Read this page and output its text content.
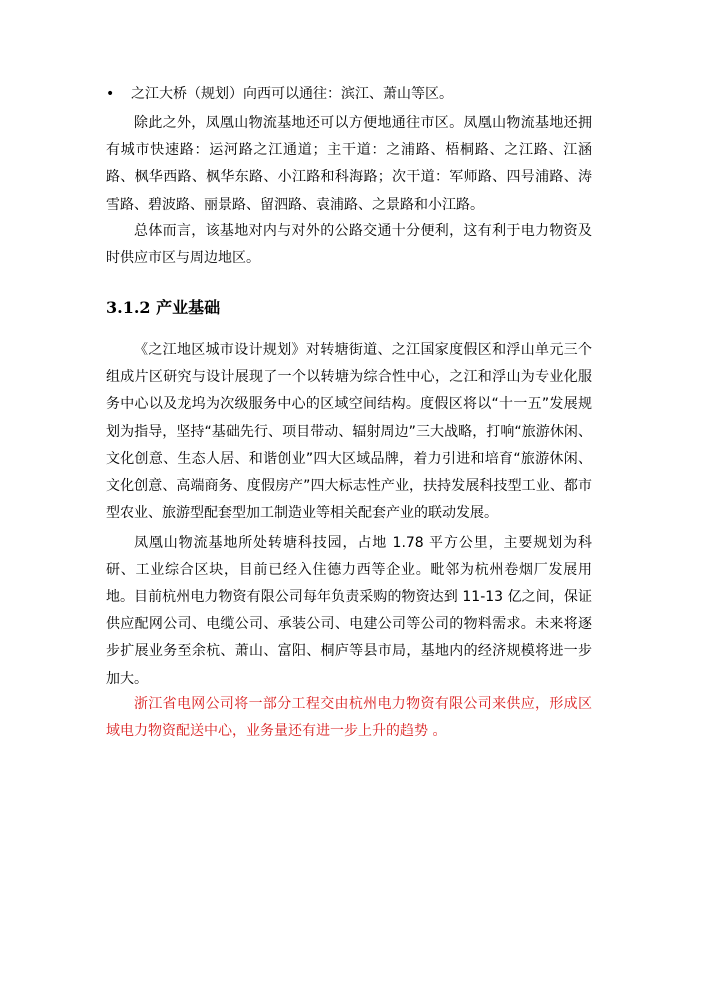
• 之江大桥（规划）向西可以通往：滨江、萧山等区。

除此之外，凤凰山物流基地还可以方便地通往市区。凤凰山物流基地还拥有城市快速路：运河路之江通道；主干道：之浦路、梧桐路、之江路、江涵路、枫华西路、枫华东路、小江路和科海路；次干道：军师路、四号浦路、涛雪路、碧波路、丽景路、留泗路、袁浦路、之景路和小江路。

总体而言，该基地对内与对外的公路交通十分便利，这有利于电力物资及时供应市区与周边地区。

3.1.2 产业基础

《之江地区城市设计规划》对转塘街道、之江国家度假区和浮山单元三个组成片区研究与设计展现了一个以转塘为综合性中心，之江和浮山为专业化服务中心以及龙坞为次级服务中心的区域空间结构。度假区将以“十一五”发展规划为指导，坚持“基础先行、项目带动、辐射周边”三大战略，打响“旅游休闲、文化创意、生态人居、和谐创业”四大区域品牌，着力引进和培育“旅游休闲、文化创意、高端商务、度假房产”四大标志性产业，扶持发展科技型工业、都市型农业、旅游型配套型加工制造业等相关配套产业的联动发展。

凤凰山物流基地所处转塘科技园，占地 1.78 平方公里，主要规划为科研、工业综合区块，目前已经入住德力西等企业。毗邻为杭州卷烟厂发展用地。 目前杭州电力物资有限公司每年负责采购的物资达到 11-13 亿之间，保证供应配网公司、电缆公司、承装公司、电建公司等公司的物料需求。未来将逐步扩展业务至余杭、萧山、富阳、桐庐等县市局，基地内的经济规模将进一步加大。

浙江省电网公司将一部分工程交由杭州电力物资有限公司来供应，形成区域电力物资配送中心，业务量还有进一步上升的趋势 。
